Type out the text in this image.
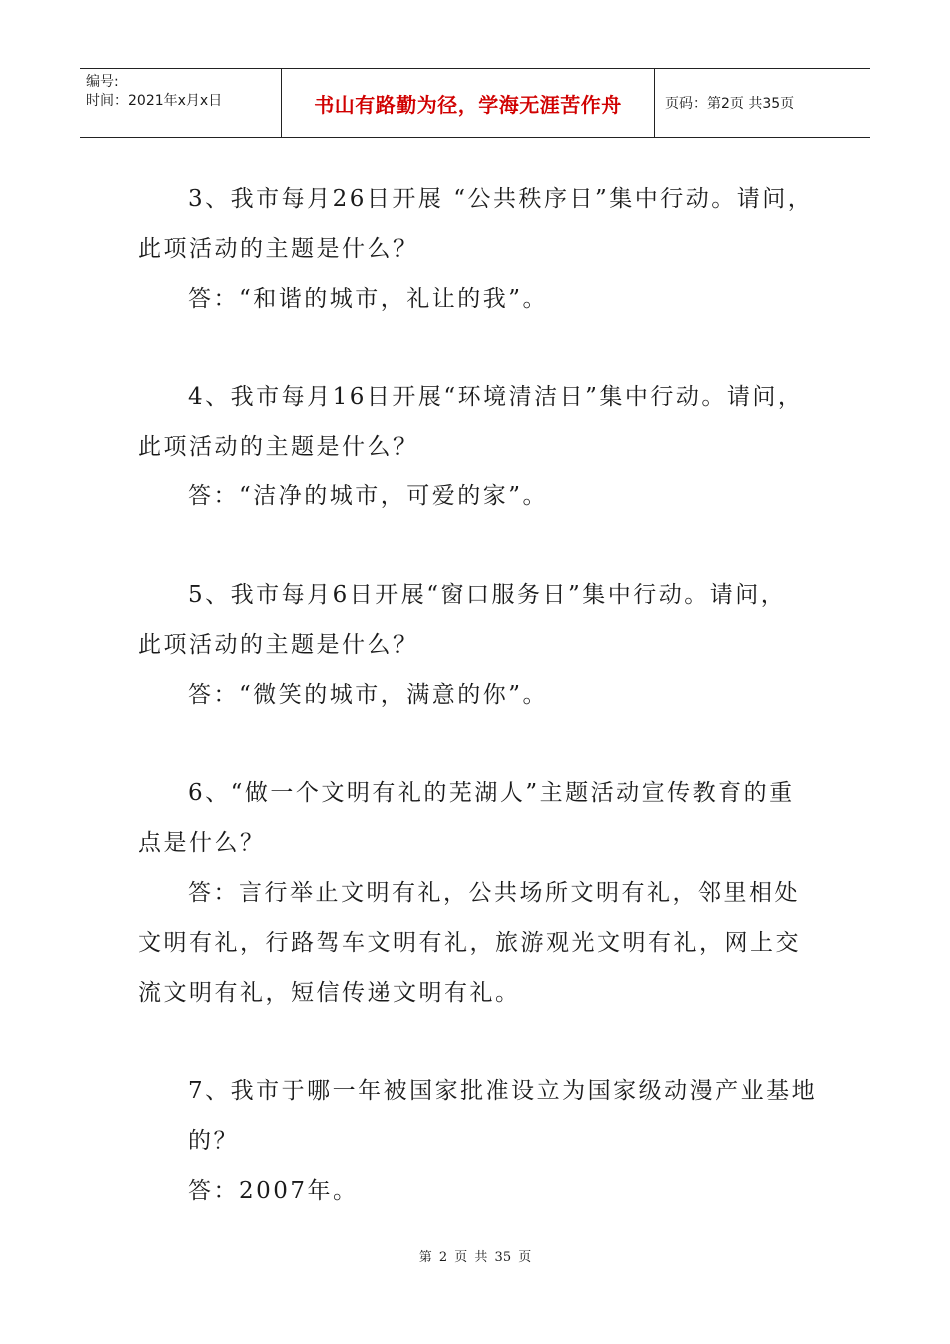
编号:
时间：2021年x月x日	书山有路勤为径，学海无涯苦作舟	页码：第2页 共35页
3、我市每月26日开展 “公共秩序日”集中行动。请问，
此项活动的主题是什么？
答：“和谐的城市，礼让的我”。
4、我市每月16日开展“环境清洁日”集中行动。请问，
此项活动的主题是什么？
答：“洁净的城市，可爱的家”。
5、我市每月6日开展“窗口服务日”集中行动。请问，
此项活动的主题是什么？
答：“微笑的城市，满意的你”。
6、“做一个文明有礼的芜湖人”主题活动宣传教育的重
点是什么？
答：言行举止文明有礼，公共场所文明有礼，邻里相处
文明有礼，行路驾车文明有礼，旅游观光文明有礼，网上交
流文明有礼，短信传递文明有礼。
7、我市于哪一年被国家批准设立为国家级动漫产业基地
的？
答：2007年。
第 2 页 共 35 页
